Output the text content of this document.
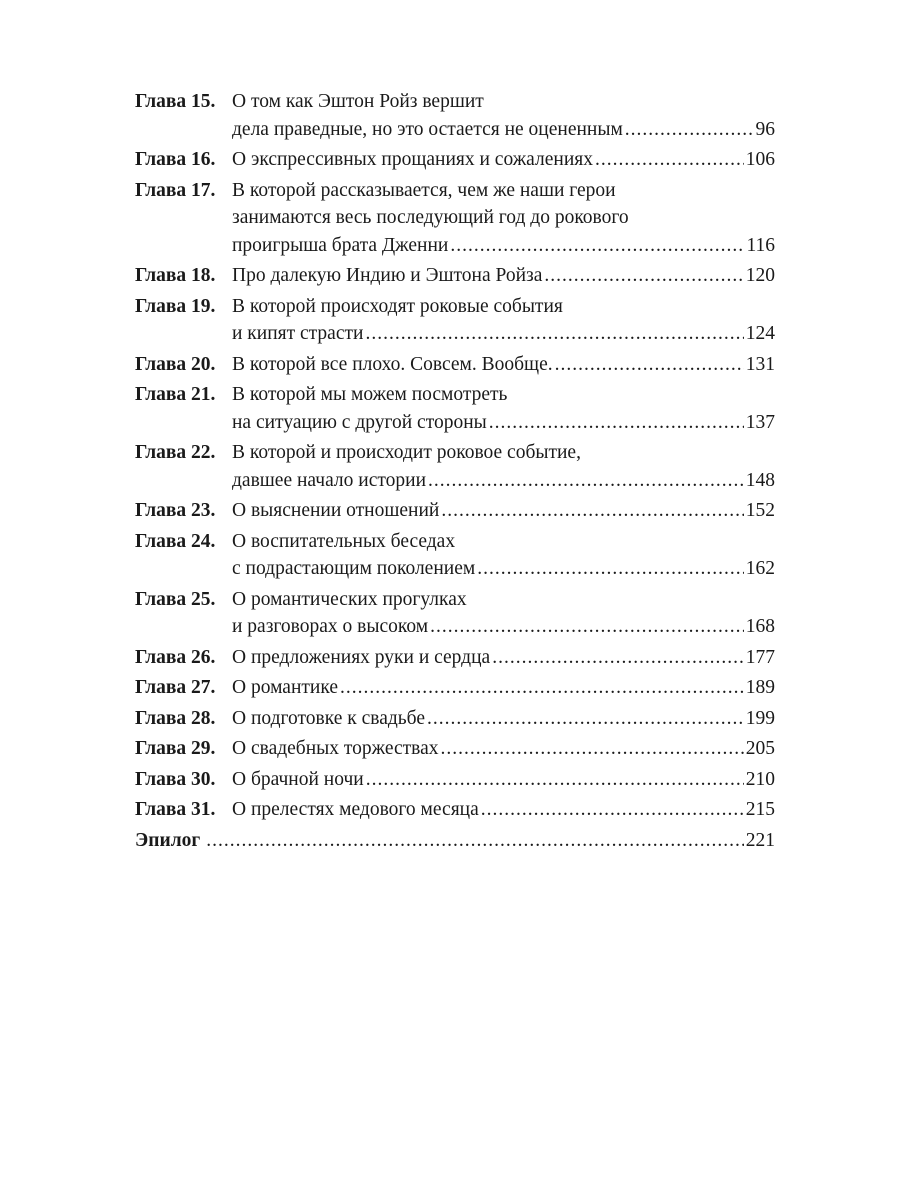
Глава 15. О том как Эштон Ройз вершит
дела праведные, но это остается не оцененным .....	96
Глава 16. О экспрессивных прощаниях и сожалениях .....	106
Глава 17. В которой рассказывается, чем же наши герои
занимаются весь последующий год до рокового
проигрыша брата Дженни .....	116
Глава 18. Про далекую Индию и Эштона Ройза .....	120
Глава 19. В которой происходят роковые события
и кипят страсти .....	124
Глава 20. В которой все плохо. Совсем. Вообще. .....	131
Глава 21. В которой мы можем посмотреть
на ситуацию с другой стороны .....	137
Глава 22. В которой и происходит роковое событие,
давшее начало истории .....	148
Глава 23. О выяснении отношений .....	152
Глава 24. О воспитательных беседах
с подрастающим поколением .....	162
Глава 25. О романтических прогулках
и разговорах о высоком .....	168
Глава 26. О предложениях руки и сердца .....	177
Глава 27. О романтике .....	189
Глава 28. О подготовке к свадьбе .....	199
Глава 29. О свадебных торжествах .....	205
Глава 30. О брачной ночи .....	210
Глава 31. О прелестях медового месяца .....	215
Эпилог .....	221
